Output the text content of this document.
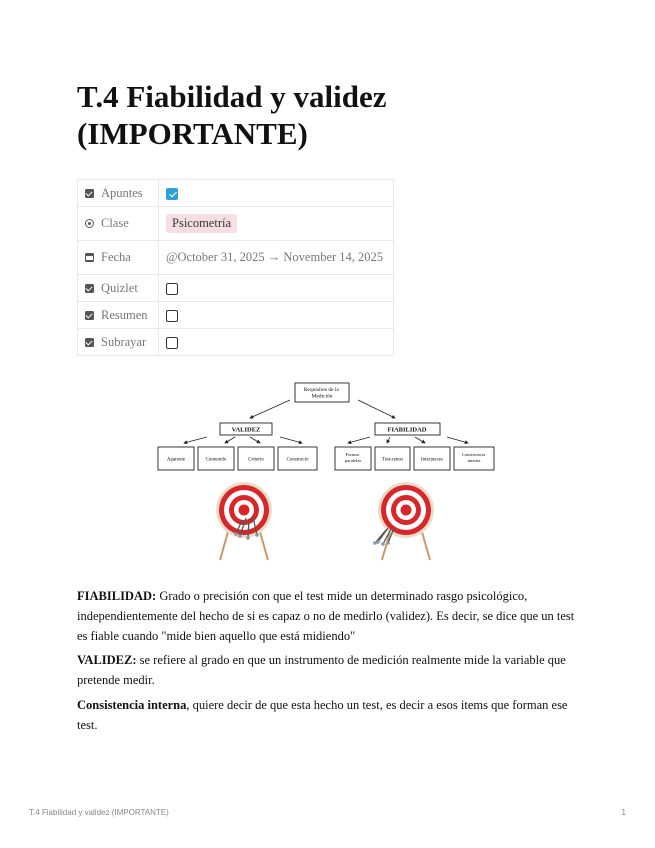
T.4 Fiabilidad y validez (IMPORTANTE)
Apuntes	
Clase	Psicometría
Fecha	@October 31, 2025 → November 14, 2025
Quizlet	
Resumen	
Subrayar	
Requisitos de la Medición
VALIDEZ	FIABILIDAD
Aparente	Contenido	Criterio	Constructo
Formas paralelas	Test-retest	Interjueces
Consistencia interna

FIABILIDAD: Grado o precisión con que el test mide un determinado rasgo psicológico, independientemente del hecho de si es capaz o no de medirlo (validez). Es decir, se dice que un test es fiable cuando "mide bien aquello que está midiendo"

VALIDEZ: se refiere al grado en que un instrumento de medición realmente mide la variable que pretende medir.

Consistencia interna, quiere decir de que esta hecho un test, es decir a esos items que forman ese test.

T.4 Fiabilidad y validez (IMPORTANTE)	1
